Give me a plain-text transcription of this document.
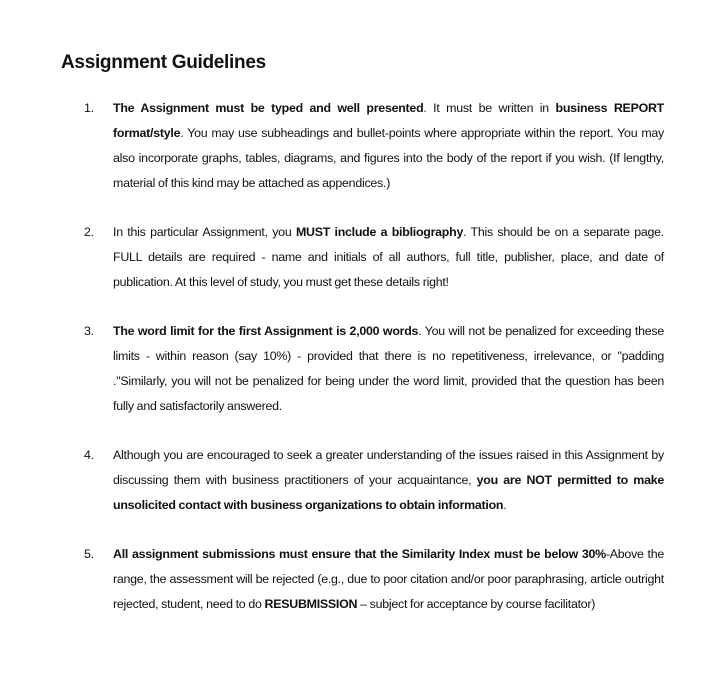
Assignment Guidelines
1. The Assignment must be typed and well presented. It must be written in business REPORT format/style. You may use subheadings and bullet-points where appropriate within the report. You may also incorporate graphs, tables, diagrams, and figures into the body of the report if you wish. (If lengthy, material of this kind may be attached as appendices.)

2. In this particular Assignment, you MUST include a bibliography. This should be on a separate page. FULL details are required - name and initials of all authors, full title, publisher, place, and date of publication. At this level of study, you must get these details right!

3. The word limit for the first Assignment is 2,000 words. You will not be penalized for exceeding these limits - within reason (say 10%) - provided that there is no repetitiveness, irrelevance, or "padding ."Similarly, you will not be penalized for being under the word limit, provided that the question has been fully and satisfactorily answered.

4. Although you are encouraged to seek a greater understanding of the issues raised in this Assignment by discussing them with business practitioners of your acquaintance, you are NOT permitted to make unsolicited contact with business organizations to obtain information.

5. All assignment submissions must ensure that the Similarity Index must be below 30%-Above the range, the assessment will be rejected (e.g., due to poor citation and/or poor paraphrasing, article outright rejected, student, need to do RESUBMISSION – subject for acceptance by course facilitator)
